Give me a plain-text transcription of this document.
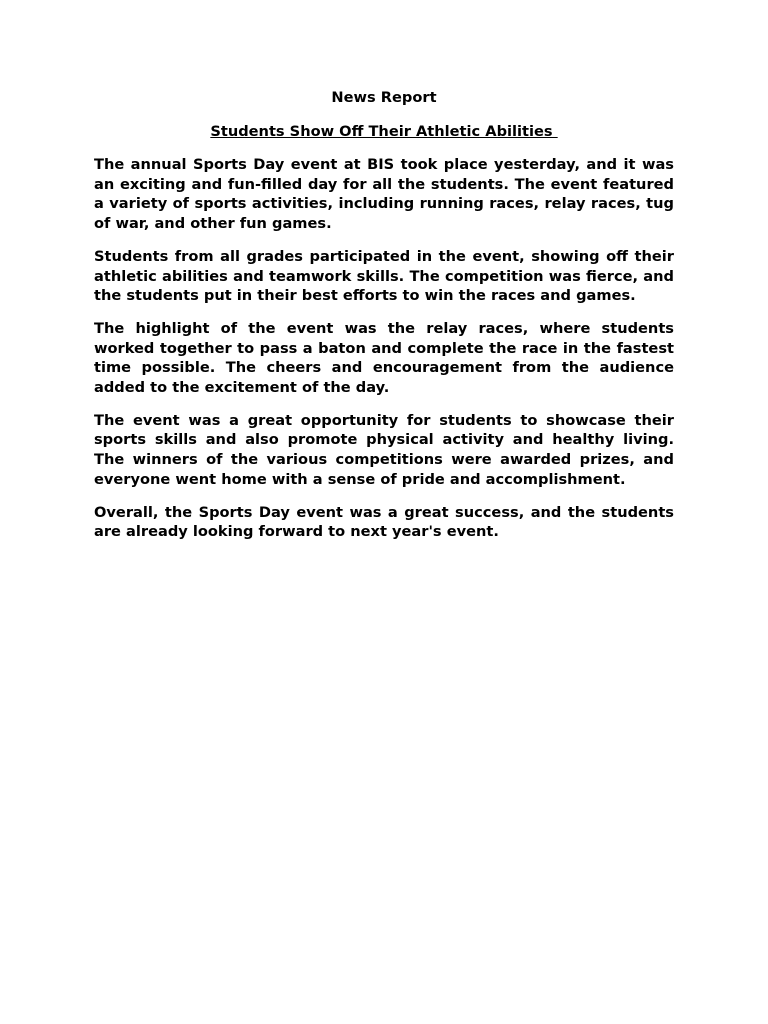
News Report

Students Show Off Their Athletic Abilities

The annual Sports Day event at BIS took place yesterday, and it was an exciting and fun-filled day for all the students. The event featured a variety of sports activities, including running races, relay races, tug of war, and other fun games.

Students from all grades participated in the event, showing off their athletic abilities and teamwork skills. The competition was fierce, and the students put in their best efforts to win the races and games.

The highlight of the event was the relay races, where students worked together to pass a baton and complete the race in the fastest time possible. The cheers and encouragement from the audience added to the excitement of the day.

The event was a great opportunity for students to showcase their sports skills and also promote physical activity and healthy living. The winners of the various competitions were awarded prizes, and everyone went home with a sense of pride and accomplishment.

Overall, the Sports Day event was a great success, and the students are already looking forward to next year's event.
